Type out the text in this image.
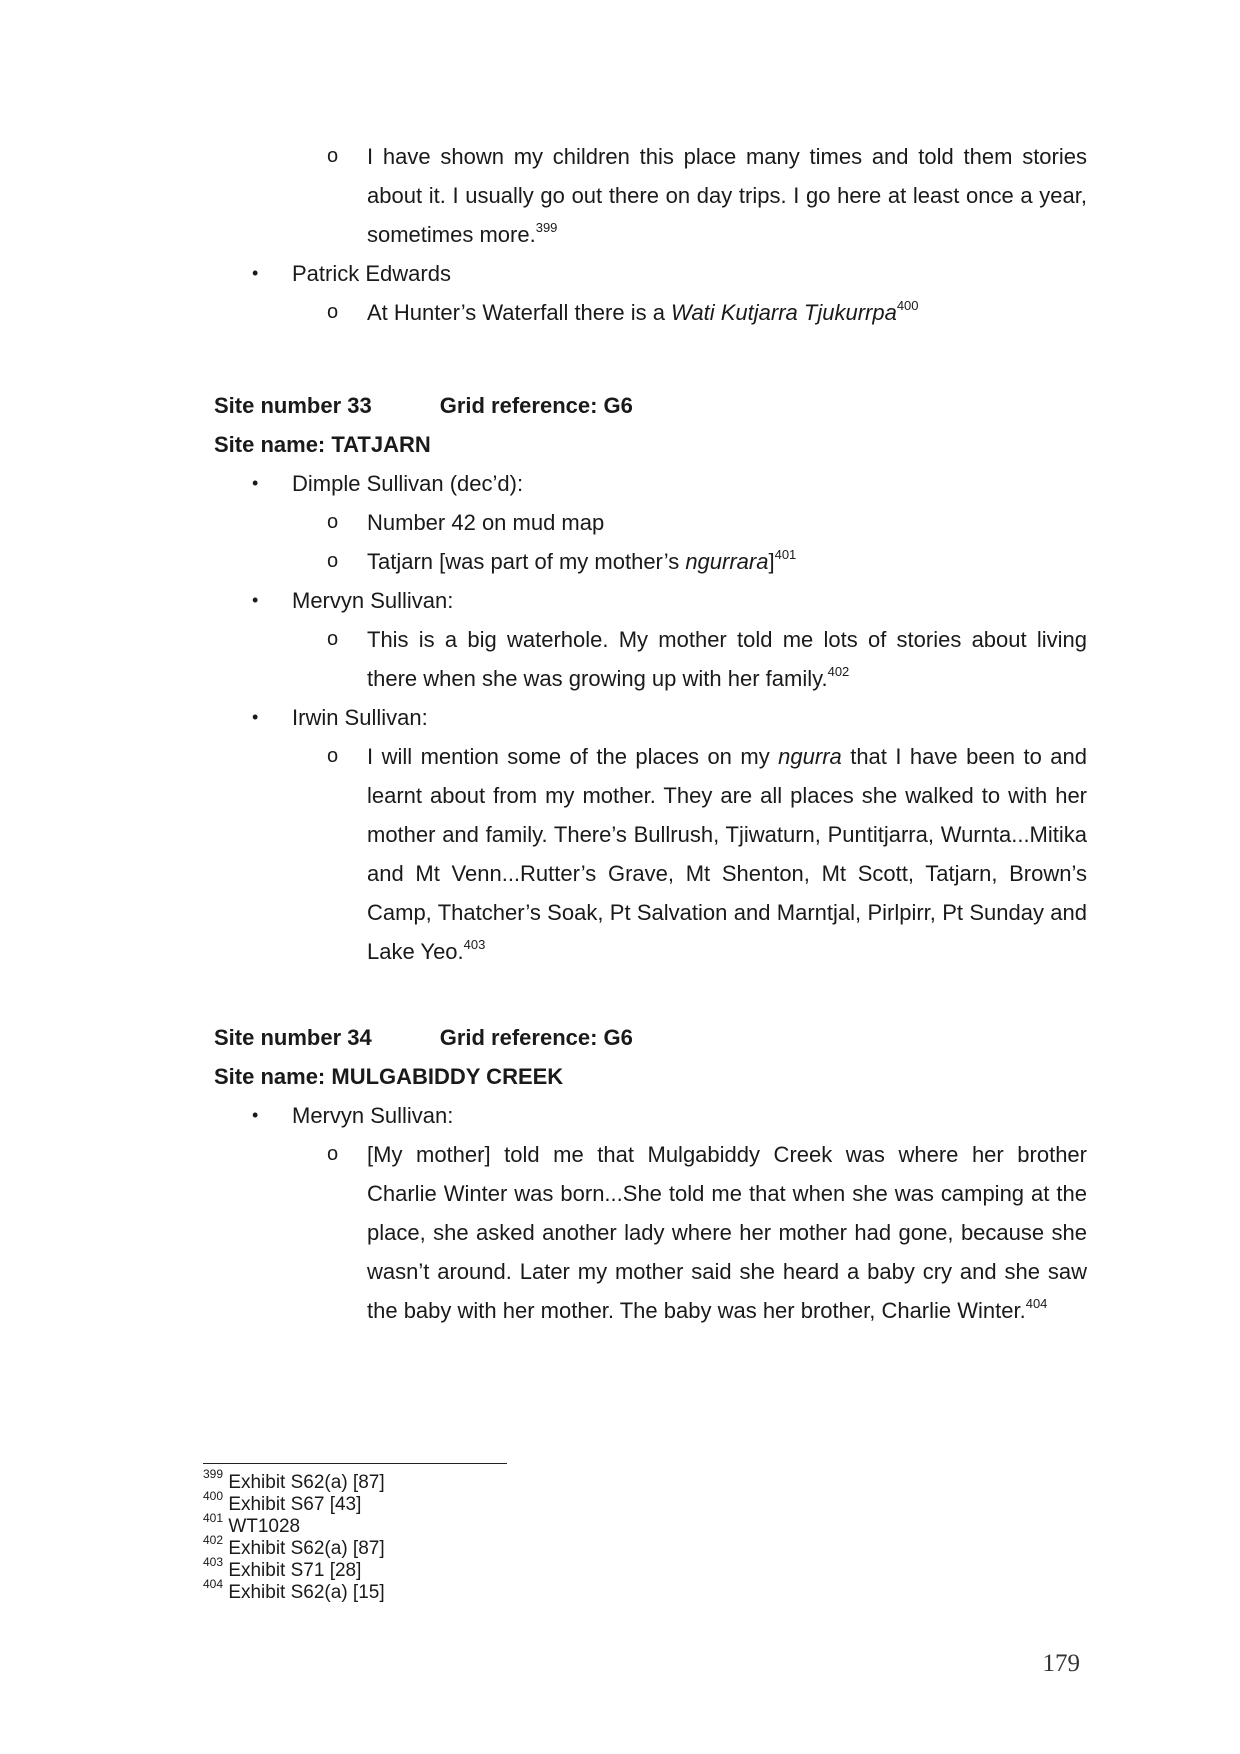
o I have shown my children this place many times and told them stories about it. I usually go out there on day trips. I go here at least once a year, sometimes more.$^{399}$
• Patrick Edwards
o At Hunter’s Waterfall there is a Wati Kutjarra Tjukurrpa$^{400}$

Site number 33	Grid reference: G6

Site name: TATJARN

• Dimple Sullivan (dec’d):
o Number 42 on mud map
o Tatjarn [was part of my mother’s ngurrara]$^{401}$
• Mervyn Sullivan:
o This is a big waterhole. My mother told me lots of stories about living there when she was growing up with her family.$^{402}$
• Irwin Sullivan:
o I will mention some of the places on my ngurra that I have been to and learnt about from my mother. They are all places she walked to with her mother and family. There’s Bullrush, Tjiwaturn, Puntitjarra, Wurnta...Mitika and Mt Venn...Rutter’s Grave, Mt Shenton, Mt Scott, Tatjarn, Brown’s Camp, Thatcher’s Soak, Pt Salvation and Marntjal, Pirlpirr, Pt Sunday and Lake Yeo.$^{403}$

Site number 34	Grid reference: G6

Site name: MULGABIDDY CREEK

• Mervyn Sullivan:
o [My mother] told me that Mulgabiddy Creek was where her brother Charlie Winter was born...She told me that when she was camping at the place, she asked another lady where her mother had gone, because she wasn’t around. Later my mother said she heard a baby cry and she saw the baby with her mother. The baby was her brother, Charlie Winter.$^{404}$
$^{399}$ Exhibit S62(a) [87]
$^{400}$ Exhibit S67 [43]
$^{401}$ WT1028
$^{402}$ Exhibit S62(a) [87]
$^{403}$ Exhibit S71 [28]
$^{404}$ Exhibit S62(a) [15]
179
